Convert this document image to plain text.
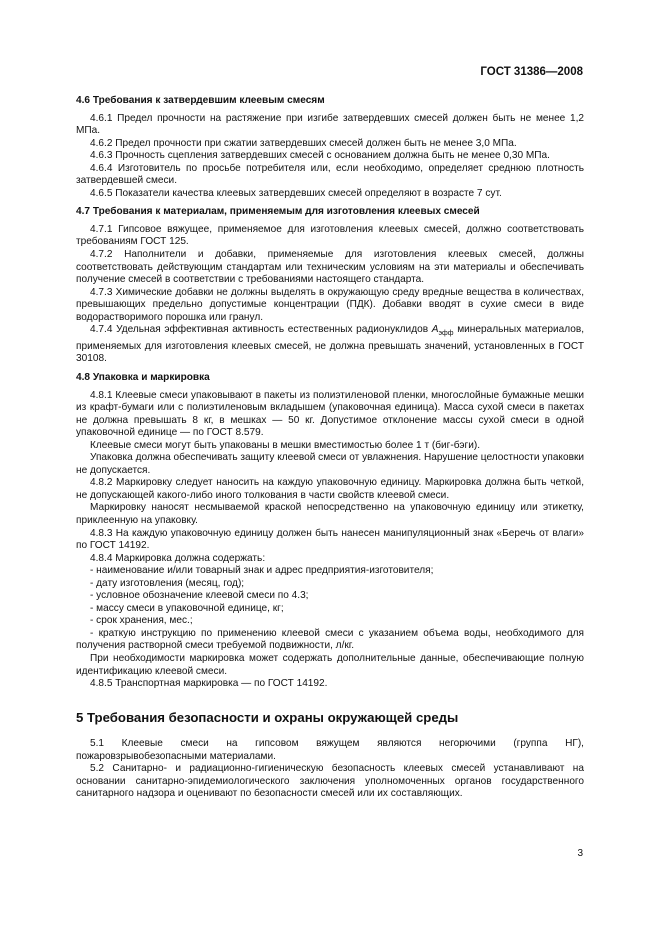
ГОСТ 31386—2008
4.6 Требования к затвердевшим клеевым смесям

4.6.1 Предел прочности на растяжение при изгибе затвердевших смесей должен быть не менее 1,2 МПа.

4.6.2 Предел прочности при сжатии затвердевших смесей должен быть не менее 3,0 МПа.

4.6.3 Прочность сцепления затвердевших смесей с основанием должна быть не менее 0,30 МПа.

4.6.4 Изготовитель по просьбе потребителя или, если необходимо, определяет среднюю плотность затвердевшей смеси.

4.6.5 Показатели качества клеевых затвердевших смесей определяют в возрасте 7 сут.

4.7 Требования к материалам, применяемым для изготовления клеевых смесей

4.7.1 Гипсовое вяжущее, применяемое для изготовления клеевых смесей, должно соответствовать требованиям ГОСТ 125.

4.7.2 Наполнители и добавки, применяемые для изготовления клеевых смесей, должны соответствовать действующим стандартам или техническим условиям на эти материалы и обеспечивать получение смесей в соответствии с требованиями настоящего стандарта.

4.7.3 Химические добавки не должны выделять в окружающую среду вредные вещества в количествах, превышающих предельно допустимые концентрации (ПДК). Добавки вводят в сухие смеси в виде водорастворимого порошка или гранул.

4.7.4 Удельная эффективная активность естественных радионуклидов $A_{эфф}$ минеральных материалов, применяемых для изготовления клеевых смесей, не должна превышать значений, установленных в ГОСТ 30108.

4.8 Упаковка и маркировка

4.8.1 Клеевые смеси упаковывают в пакеты из полиэтиленовой пленки, многослойные бумажные мешки из крафт-бумаги или с полиэтиленовым вкладышем (упаковочная единица). Масса сухой смеси в пакетах не должна превышать 8 кг, в мешках — 50 кг. Допустимое отклонение массы сухой смеси в одной упаковочной единице — по ГОСТ 8.579.

Клеевые смеси могут быть упакованы в мешки вместимостью более 1 т (биг-бэги).

Упаковка должна обеспечивать защиту клеевой смеси от увлажнения. Нарушение целостности упаковки не допускается.

4.8.2 Маркировку следует наносить на каждую упаковочную единицу. Маркировка должна быть четкой, не допускающей какого-либо иного толкования в части свойств клеевой смеси.

Маркировку наносят несмываемой краской непосредственно на упаковочную единицу или этикетку, приклеенную на упаковку.

4.8.3 На каждую упаковочную единицу должен быть нанесен манипуляционный знак «Беречь от влаги» по ГОСТ 14192.

4.8.4 Маркировка должна содержать:

- наименование и/или товарный знак и адрес предприятия-изготовителя;

- дату изготовления (месяц, год);

- условное обозначение клеевой смеси по 4.3;

- массу смеси в упаковочной единице, кг;

- срок хранения, мес.;

- краткую инструкцию по применению клеевой смеси с указанием объема воды, необходимого для получения растворной смеси требуемой подвижности, л/кг.

При необходимости маркировка может содержать дополнительные данные, обеспечивающие полную идентификацию клеевой смеси.

4.8.5 Транспортная маркировка — по ГОСТ 14192.

5 Требования безопасности и охраны окружающей среды

5.1 Клеевые смеси на гипсовом вяжущем являются негорючими (группа НГ), пожаровзрывобезопасными материалами.

5.2 Санитарно- и радиационно-гигиеническую безопасность клеевых смесей устанавливают на основании санитарно-эпидемиологического заключения уполномоченных органов государственного санитарного надзора и оценивают по безопасности смесей или их составляющих.

3
